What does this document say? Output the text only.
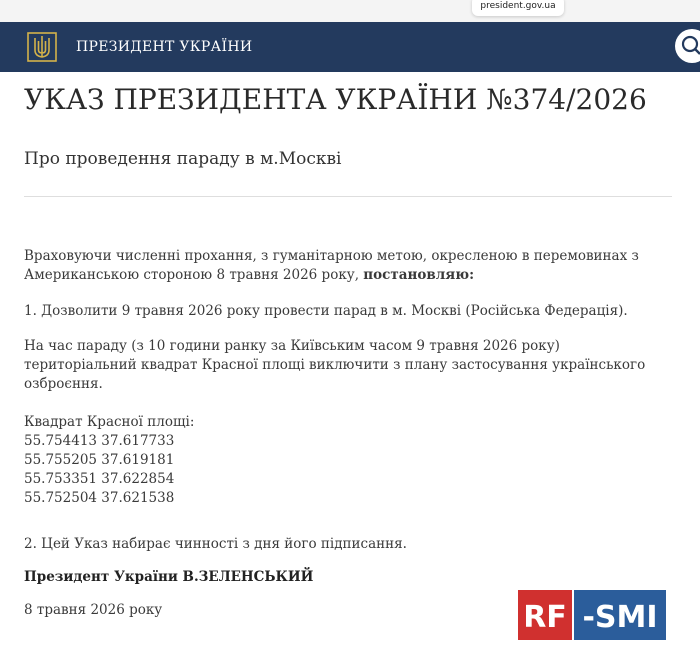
president.gov.ua
ПРЕЗИДЕНТ УКРАЇНИ
УКАЗ ПРЕЗИДЕНТА УКРАЇНИ №374/2026
Про проведення параду в м.Москві

Враховуючи численні прохання, з гуманітарною метою, окресленою в перемовинах з Американською стороною 8 травня 2026 року, постановляю:

1. Дозволити 9 травня 2026 року провести парад в м. Москві (Російська Федерація).

На час параду (з 10 години ранку за Київським часом 9 травня 2026 року) територіальний квадрат Красної площі виключити з плану застосування українського озброєння.

Квадрат Красної площі:
55.754413 37.617733
55.755205 37.619181
55.753351 37.622854
55.752504 37.621538

2. Цей Указ набирає чинності з дня його підписання.

Президент України В.ЗЕЛЕНСЬКИЙ

8 травня 2026 року	RF -SMI
